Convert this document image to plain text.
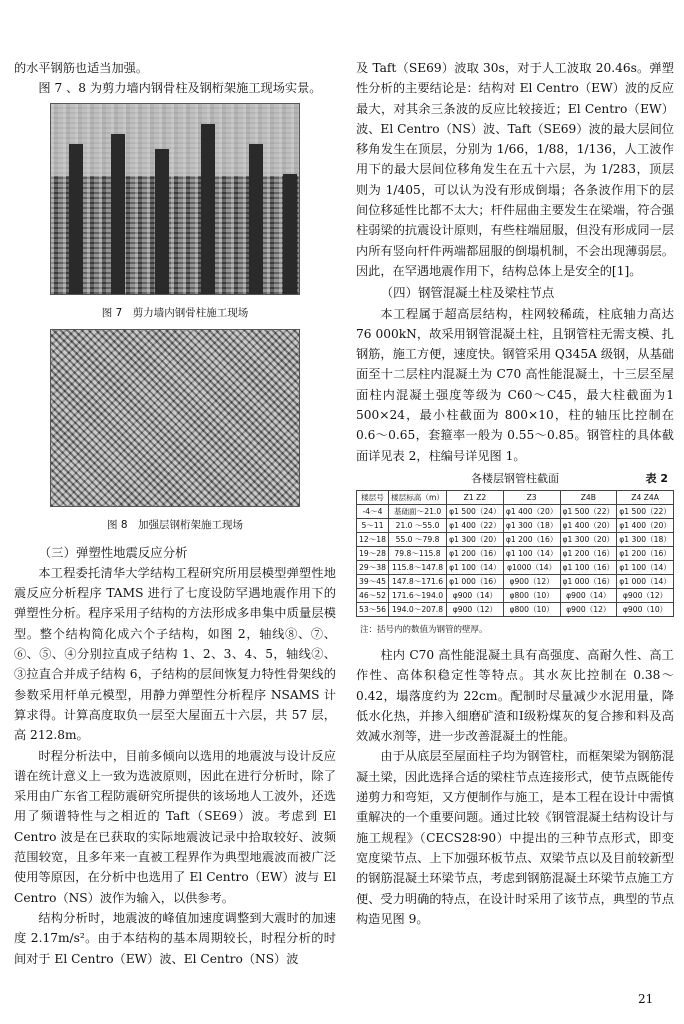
的水平钢筋也适当加强。

图 7 、8 为剪力墙内钢骨柱及钢桁架施工现场实景。

图 7　剪力墙内钢骨柱施工现场
图 8　加强层钢桁架施工现场
（三）弹塑性地震反应分析

本工程委托清华大学结构工程研究所用层模型弹塑性地震反应分析程序 TAMS 进行了七度设防罕遇地震作用下的弹塑性分析。程序采用子结构的方法形成多串集中质量层模型。整个结构简化成六个子结构，如图 2，轴线⑧、⑦、⑥、⑤、④分别拉直成子结构 1、2、3、4、5，轴线②、③拉直合并成子结构 6，子结构的层间恢复力特性骨架线的参数采用杆单元模型，用静力弹塑性分析程序 NSAMS 计算求得。计算高度取负一层至大屋面五十六层，共 57 层，高 212.8m。

时程分析法中，目前多倾向以选用的地震波与设计反应谱在统计意义上一致为选波原则，因此在进行分析时，除了采用由广东省工程防震研究所提供的该场地人工波外，还选用了频谱特性与之相近的 Taft（SE69）波。考虑到 El Centro 波是在已获取的实际地震波记录中拾取较好、波频范围较宽，且多年来一直被工程界作为典型地震波而被广泛使用等原因，在分析中也选用了 El Centro（EW）波与 El Centro（NS）波作为输入，以供参考。

结构分析时，地震波的峰值加速度调整到大震时的加速度 2.17m/s²。由于本结构的基本周期较长，时程分析的时间对于 El Centro（EW）波、El Centro（NS）波

及 Taft（SE69）波取 30s，对于人工波取 20.46s。弹塑性分析的主要结论是：结构对 El Centro（EW）波的反应最大，对其余三条波的反应比较接近；El Centro（EW）波、El Centro（NS）波、Taft（SE69）波的最大层间位移角发生在顶层，分别为 1/66，1/88，1/136，人工波作用下的最大层间位移角发生在五十六层，为 1/283，顶层则为 1/405，可以认为没有形成倒塌；各条波作用下的层间位移延性比都不太大；杆件屈曲主要发生在梁端，符合强柱弱梁的抗震设计原则，有些柱端屈服，但没有形成同一层内所有竖向杆件两端都屈服的倒塌机制，不会出现薄弱层。因此，在罕遇地震作用下，结构总体上是安全的[1]。

（四）钢管混凝土柱及梁柱节点

本工程属于超高层结构，柱网较稀疏，柱底轴力高达76 000kN，故采用钢管混凝土柱，且钢管柱无需支模、扎钢筋，施工方便，速度快。钢管采用 Q345A 级钢，从基础面至十二层柱内混凝土为 C70 高性能混凝土，十三层至屋面柱内混凝土强度等级为 C60～C45，最大柱截面为1 500×24，最小柱截面为 800×10，柱的轴压比控制在 0.6～0.65，套箍率一般为 0.55～0.85。钢管柱的具体截面详见表 2，柱编号详见图 1。

各楼层钢管柱截面	表 2
楼层号	楼层标高（m）	Z1 Z2	Z3	Z4B	Z4 Z4A
-4～4	基础面～21.0	φ1 500（24）	φ1 400（20）	φ1 500（22）	φ1 500（22）
5～11	21.0 ～55.0	φ1 400（22）	φ1 300（18）	φ1 400（20）	φ1 400（20）
12～18	55.0 ～79.8	φ1 300（20）	φ1 200（16）	φ1 300（20）	φ1 300（18）
19～28	79.8～115.8	φ1 200（16）	φ1 100（14）	φ1 200（16）	φ1 200（16）
29～38	115.8～147.8	φ1 100（14）	φ1000（14）	φ1 100（16）	φ1 100（14）
39～45	147.8～171.6	φ1 000（16）	φ900（12）	φ1 000（16）	φ1 000（14）
46～52	171.6～194.0	φ900（14）	φ800（10）	φ900（14）	φ900（12）
53～56	194.0～207.8	φ900（12）	φ800（10）	φ900（12）	φ900（10）
注：括号内的数值为钢管的壁厚。

柱内 C70 高性能混凝土具有高强度、高耐久性、高工作性、高体积稳定性等特点。其水灰比控制在 0.38～0.42，塌落度约为 22cm。配制时尽量减少水泥用量，降低水化热，并掺入细磨矿渣和Ⅰ级粉煤灰的复合掺和料及高效减水剂等，进一步改善混凝土的性能。

由于从底层至屋面柱子均为钢管柱，而框架梁为钢筋混凝土梁，因此选择合适的梁柱节点连接形式，使节点既能传递剪力和弯矩，又方便制作与施工，是本工程在设计中需慎重解决的一个重要问题。通过比较《钢管混凝土结构设计与施工规程》（CECS28∶90）中提出的三种节点形式，即变宽度梁节点、上下加强环板节点、双梁节点以及目前较新型的钢筋混凝土环梁节点，考虑到钢筋混凝土环梁节点施工方便、受力明确的特点，在设计时采用了该节点，典型的节点构造见图 9。

21
